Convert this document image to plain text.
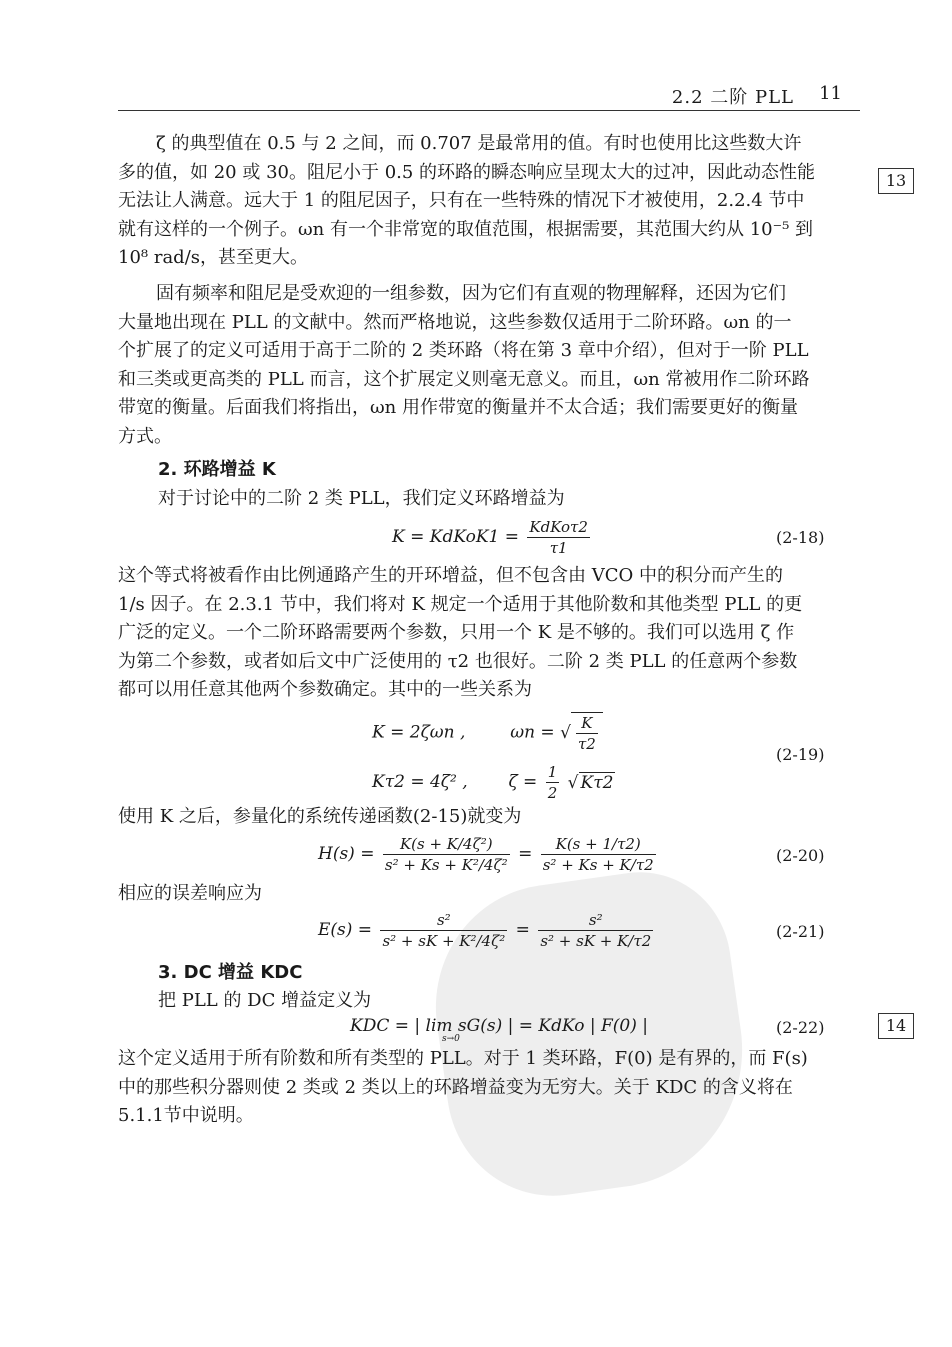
2.2 二阶 PLL 11
13
14
ζ 的典型值在 0.5 与 2 之间，而 0.707 是最常用的值。有时也使用比这些数大许
多的值，如 20 或 30。阻尼小于 0.5 的环路的瞬态响应呈现太大的过冲，因此动态性能
无法让人满意。远大于 1 的阻尼因子，只有在一些特殊的情况下才被使用，2.2.4 节中
就有这样的一个例子。ωn 有一个非常宽的取值范围，根据需要，其范围大约从 10⁻⁵ 到
10⁸ rad/s，甚至更大。
固有频率和阻尼是受欢迎的一组参数，因为它们有直观的物理解释，还因为它们
大量地出现在 PLL 的文献中。然而严格地说，这些参数仅适用于二阶环路。ωn 的一
个扩展了的定义可适用于高于二阶的 2 类环路（将在第 3 章中介绍），但对于一阶 PLL
和三类或更高类的 PLL 而言，这个扩展定义则毫无意义。而且，ωn 常被用作二阶环路
带宽的衡量。后面我们将指出，ωn 用作带宽的衡量并不太合适；我们需要更好的衡量
方式。
2. 环路增益 K
对于讨论中的二阶 2 类 PLL，我们定义环路增益为
K = KdKoK1 = $\frac{\text{KdKoτ2}}{\tau 1}$	(2-18)
这个等式将被看作由比例通路产生的开环增益，但不包含由 VCO 中的积分而产生的
1/s 因子。在 2.3.1 节中，我们将对 K 规定一个适用于其他阶数和其他类型 PLL 的更
广泛的定义。一个二阶环路需要两个参数，只用一个 K 是不够的。我们可以选用 ζ 作
为第二个参数，或者如后文中广泛使用的 τ2 也很好。二阶 2 类 PLL 的任意两个参数
都可以用任意其他两个参数确定。其中的一些关系为
K = 2ζωn ,	ωn = √ $\frac{K}{\tau 2}$
Kτ2 = 4ζ² , $\zeta = \frac{1}{2}$ √ Kτ2
(2-19)
使用 K 之后，参量化的系统传递函数(2-15)就变为
$H(s) = \frac{\text{K(s + K/4ζ²)}}{\text{s² + Ks + K²/4ζ²}} = \frac{K(s + 1/\tau 2)}{\text{s² + Ks + K/τ2}}$	(2-20)
相应的误差响应为
$E(s) = \frac{\text{s²}}{\text{s² + sK + K²/4ζ²}} = \frac{\text{s²}}{\text{s² + sK + K/τ2}}$	(2-21)
3. DC 增益 KDC
把 PLL 的 DC 增益定义为
KDC = | lim sG(s) | = KdKo | F(0) |
s→0
(2-22)
这个定义适用于所有阶数和所有类型的 PLL。对于 1 类环路，F(0) 是有界的，而 F(s)
中的那些积分器则使 2 类或 2 类以上的环路增益变为无穷大。关于 KDC 的含义将在
5.1.1节中说明。
